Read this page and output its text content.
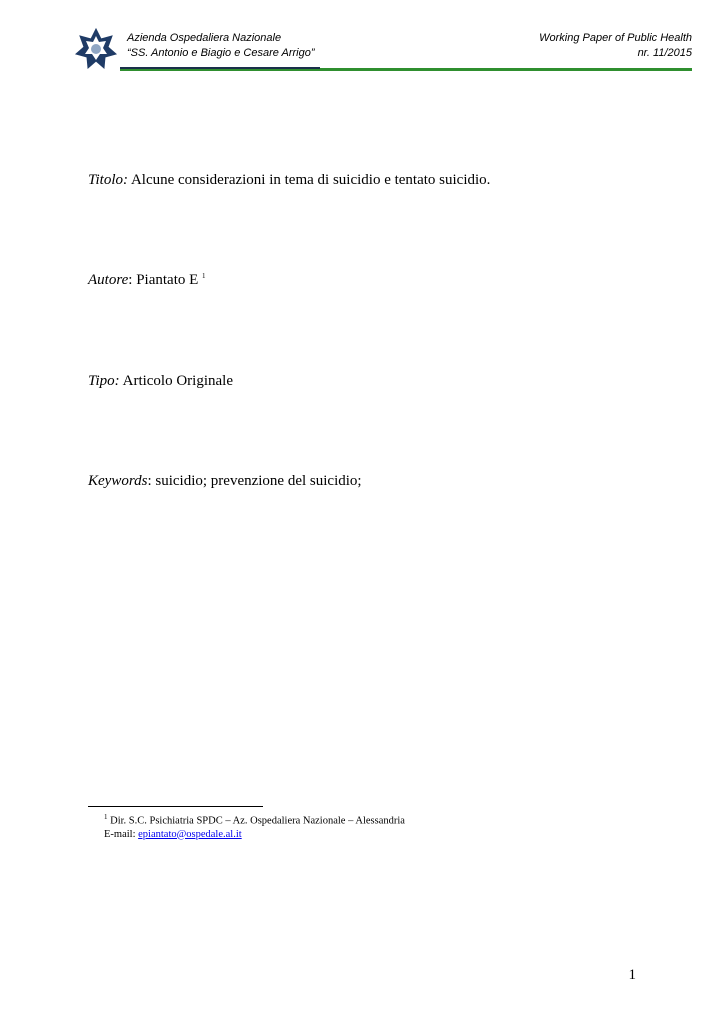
Azienda Ospedaliera Nazionale
“SS. Antonio e Biagio e Cesare Arrigo”
Working Paper of Public Health
nr. 11/2015
Titolo: Alcune considerazioni in tema di suicidio e tentato suicidio.
Autore: Piantato E $^1$
Tipo: Articolo Originale
Keywords: suicidio; prevenzione del suicidio;
$^1$ Dir. S.C. Psichiatria SPDC – Az. Ospedaliera Nazionale – Alessandria
E-mail: epiantato@ospedale.al.it
1
